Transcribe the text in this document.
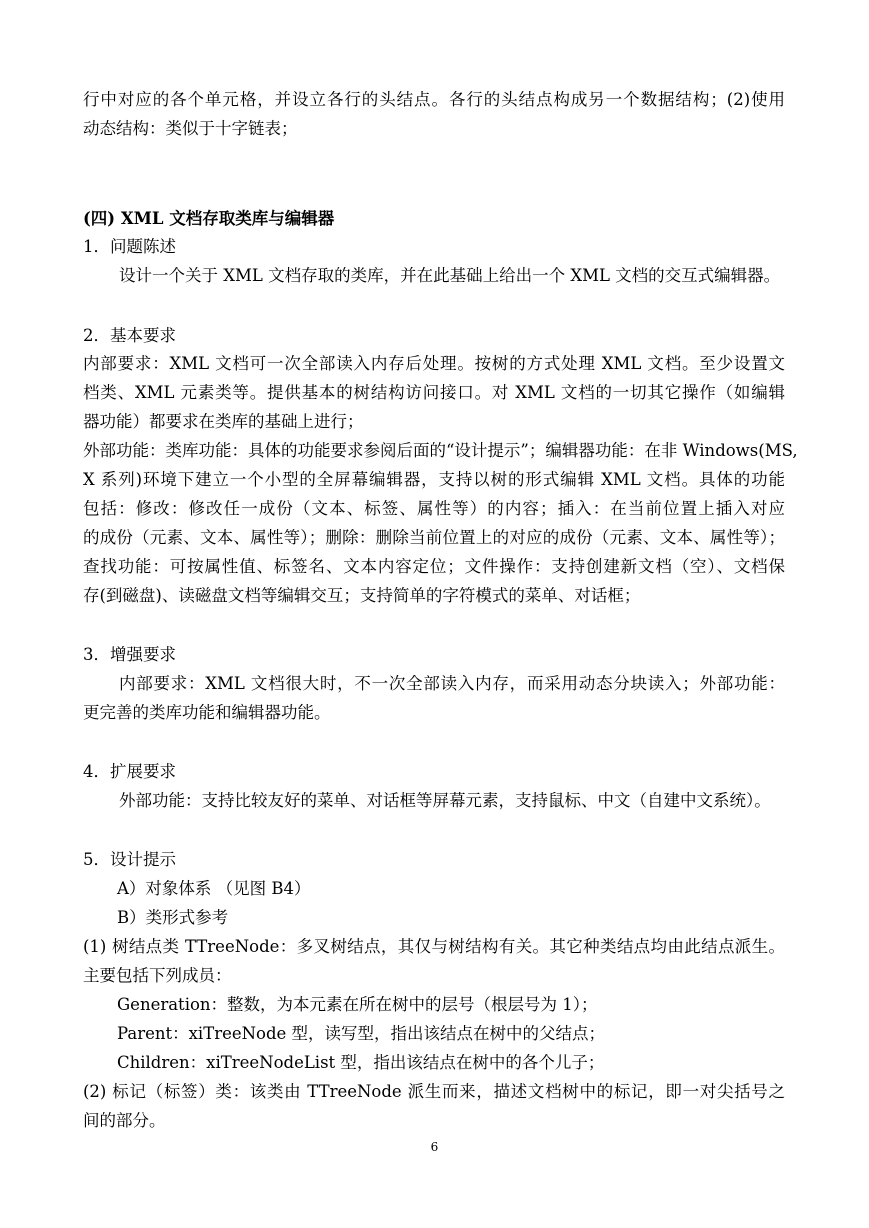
行中对应的各个单元格，并设立各行的头结点。各行的头结点构成另一个数据结构；(2)使用
动态结构：类似于十字链表；
(四) XML 文档存取类库与编辑器
1．问题陈述
设计一个关于 XML 文档存取的类库，并在此基础上给出一个 XML 文档的交互式编辑器。
2．基本要求
内部要求：XML 文档可一次全部读入内存后处理。按树的方式处理 XML 文档。至少设置文
档类、XML 元素类等。提供基本的树结构访问接口。对 XML 文档的一切其它操作（如编辑
器功能）都要求在类库的基础上进行；
外部功能：类库功能：具体的功能要求参阅后面的“设计提示”；编辑器功能：在非 Windows(MS,
X 系列)环境下建立一个小型的全屏幕编辑器，支持以树的形式编辑 XML 文档。具体的功能
包括：修改：修改任一成份（文本、标签、属性等）的内容；插入：在当前位置上插入对应
的成份（元素、文本、属性等）；删除：删除当前位置上的对应的成份（元素、文本、属性等）；
查找功能：可按属性值、标签名、文本内容定位；文件操作：支持创建新文档（空）、文档保
存(到磁盘)、读磁盘文档等编辑交互；支持简单的字符模式的菜单、对话框；
3．增强要求
内部要求：XML 文档很大时，不一次全部读入内存，而采用动态分块读入；外部功能：
更完善的类库功能和编辑器功能。
4．扩展要求
外部功能：支持比较友好的菜单、对话框等屏幕元素，支持鼠标、中文（自建中文系统）。
5．设计提示
A）对象体系 （见图 B4）
B）类形式参考
(1) 树结点类 TTreeNode：多叉树结点，其仅与树结构有关。其它种类结点均由此结点派生。
主要包括下列成员：
Generation：整数，为本元素在所在树中的层号（根层号为 1）；
Parent：xiTreeNode 型，读写型，指出该结点在树中的父结点；
Children：xiTreeNodeList 型，指出该结点在树中的各个儿子；
(2) 标记（标签）类：该类由 TTreeNode 派生而来，描述文档树中的标记，即一对尖括号之
间的部分。
6
